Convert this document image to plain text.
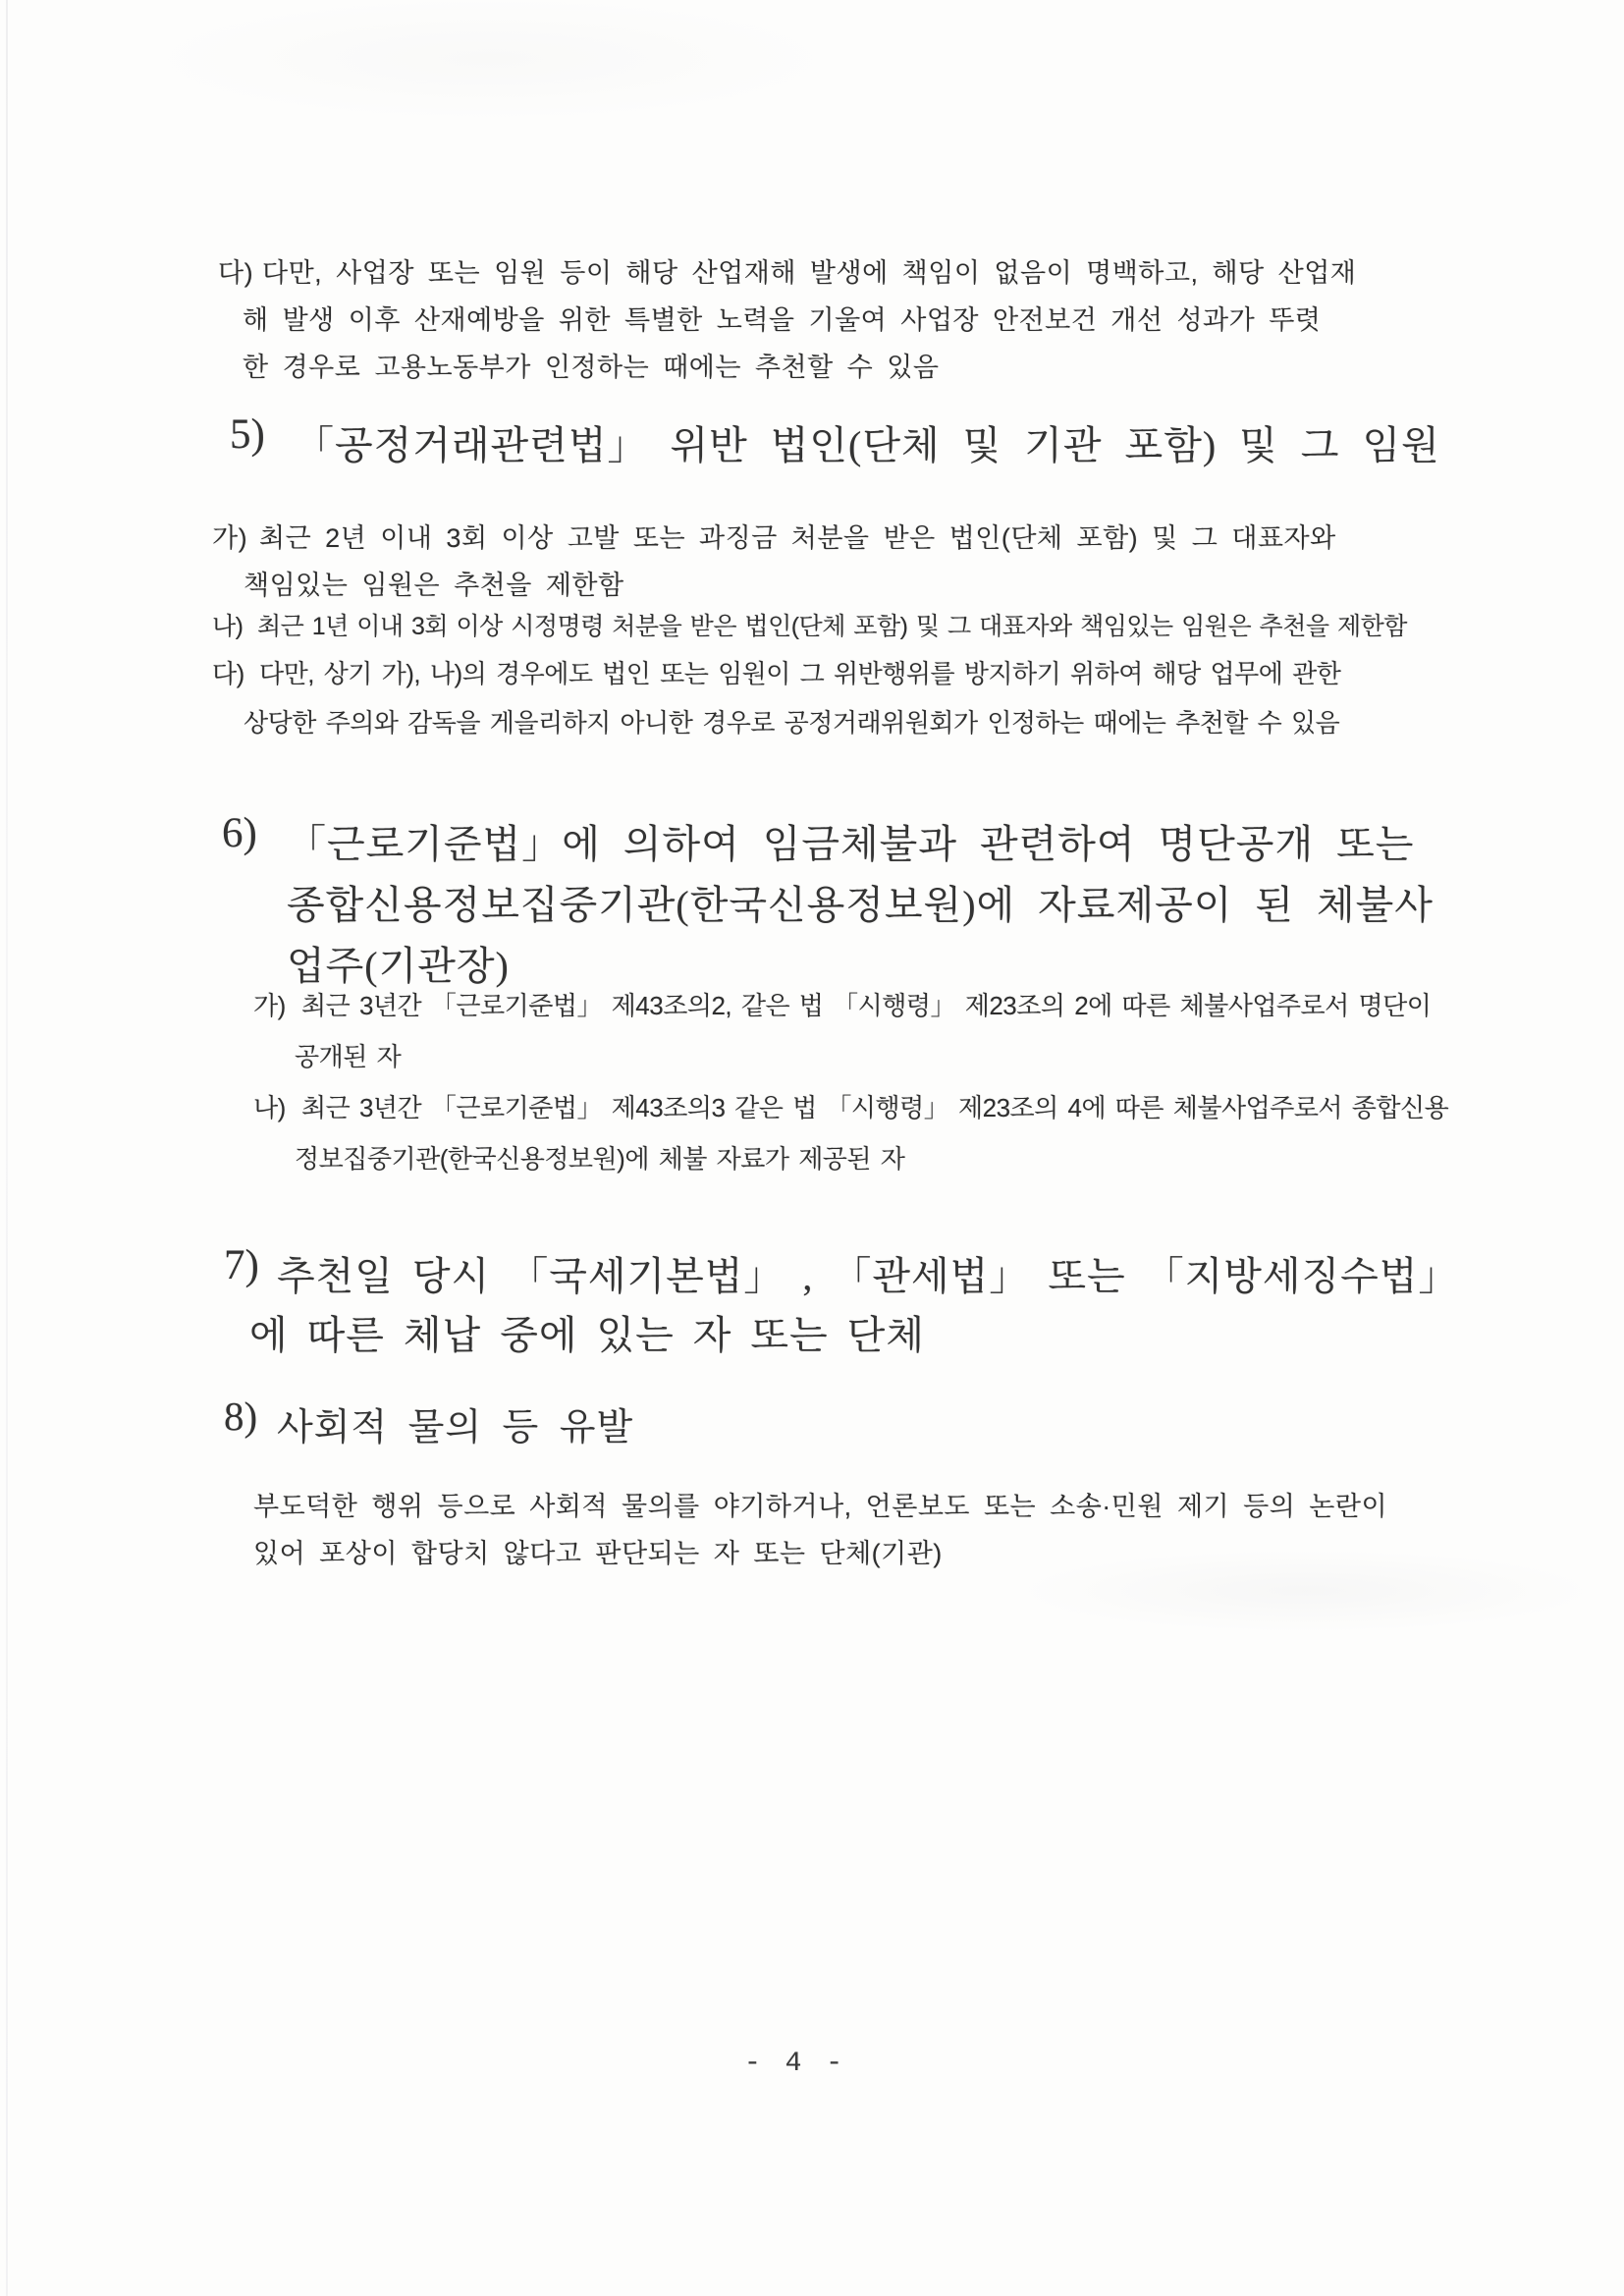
다) 다만, 사업장 또는 임원 등이 해당 산업재해 발생에 책임이 없음이 명백하고, 해당 산업재
해 발생 이후 산재예방을 위한 특별한 노력을 기울여 사업장 안전보건 개선 성과가 뚜렷
한 경우로 고용노동부가 인정하는 때에는 추천할 수 있음
5) 「공정거래관련법」 위반 법인(단체 및 기관 포함) 및 그 임원
가) 최근 2년 이내 3회 이상 고발 또는 과징금 처분을 받은 법인(단체 포함) 및 그 대표자와
책임있는 임원은 추천을 제한함
나) 최근 1년 이내 3회 이상 시정명령 처분을 받은 법인(단체 포함) 및 그 대표자와 책임있는 임원은 추천을 제한함
다) 다만, 상기 가), 나)의 경우에도 법인 또는 임원이 그 위반행위를 방지하기 위하여 해당 업무에 관한
상당한 주의와 감독을 게을리하지 아니한 경우로 공정거래위원회가 인정하는 때에는 추천할 수 있음
6) 「근로기준법」에 의하여 임금체불과 관련하여 명단공개 또는
종합신용정보집중기관(한국신용정보원)에 자료제공이 된 체불사
업주(기관장)
가) 최근 3년간 「근로기준법」 제43조의2, 같은 법 「시행령」 제23조의 2에 따른 체불사업주로서 명단이
공개된 자
나) 최근 3년간 「근로기준법」 제43조의3 같은 법 「시행령」 제23조의 4에 따른 체불사업주로서 종합신용
정보집중기관(한국신용정보원)에 체불 자료가 제공된 자
7) 추천일 당시 「국세기본법」 , 「관세법」 또는 「지방세징수법」
에 따른 체납 중에 있는 자 또는 단체
8) 사회적 물의 등 유발
부도덕한 행위 등으로 사회적 물의를 야기하거나, 언론보도 또는 소송·민원 제기 등의 논란이
있어 포상이 합당치 않다고 판단되는 자 또는 단체(기관)
- 4 -
